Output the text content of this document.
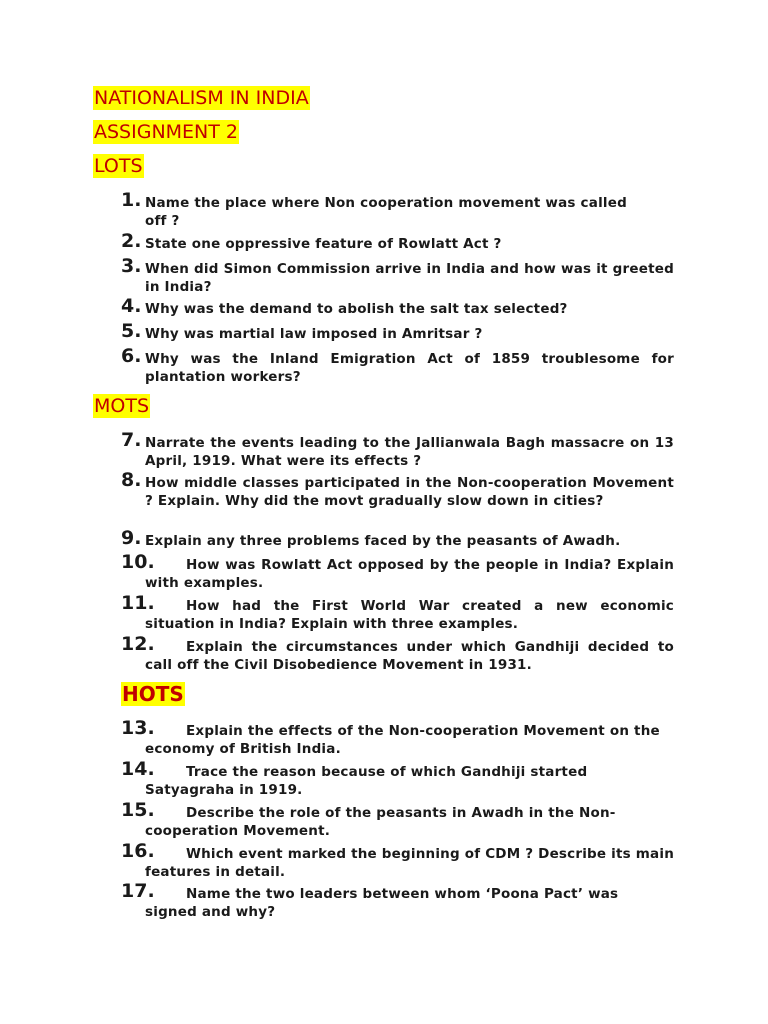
NATIONALISM IN INDIA
ASSIGNMENT 2
LOTS
1. Name the place where Non cooperation movement was called off ?
2. State one oppressive feature of Rowlatt Act ?
3. When did Simon Commission arrive in India and how was it greeted in India?
4. Why was the demand to abolish the salt tax selected?
5. Why was martial law imposed in Amritsar ?
6. Why was the Inland Emigration Act of 1859 troublesome for plantation workers?
MOTS
7. Narrate the events leading to the Jallianwala Bagh massacre on 13 April, 1919. What were its effects ?
8. How middle classes participated in the Non-cooperation Movement ? Explain. Why did the movt gradually slow down in cities?
9. Explain any three problems faced by the peasants of Awadh.
10.	How was Rowlatt Act opposed by the people in India? Explain with examples.
11.	How had the First World War created a new economic situation in India? Explain with three examples.
12.	Explain the circumstances under which Gandhiji decided to call off the Civil Disobedience Movement in 1931.
HOTS
13.	Explain the effects of the Non-cooperation Movement on the economy of British India.
14.	Trace the reason because of which Gandhiji started Satyagraha in 1919.
15.	Describe the role of the peasants in Awadh in the Non-cooperation Movement.
16.	Which event marked the beginning of CDM ? Describe its main features in detail.
17.	Name the two leaders between whom ‘Poona Pact’ was signed and why?
